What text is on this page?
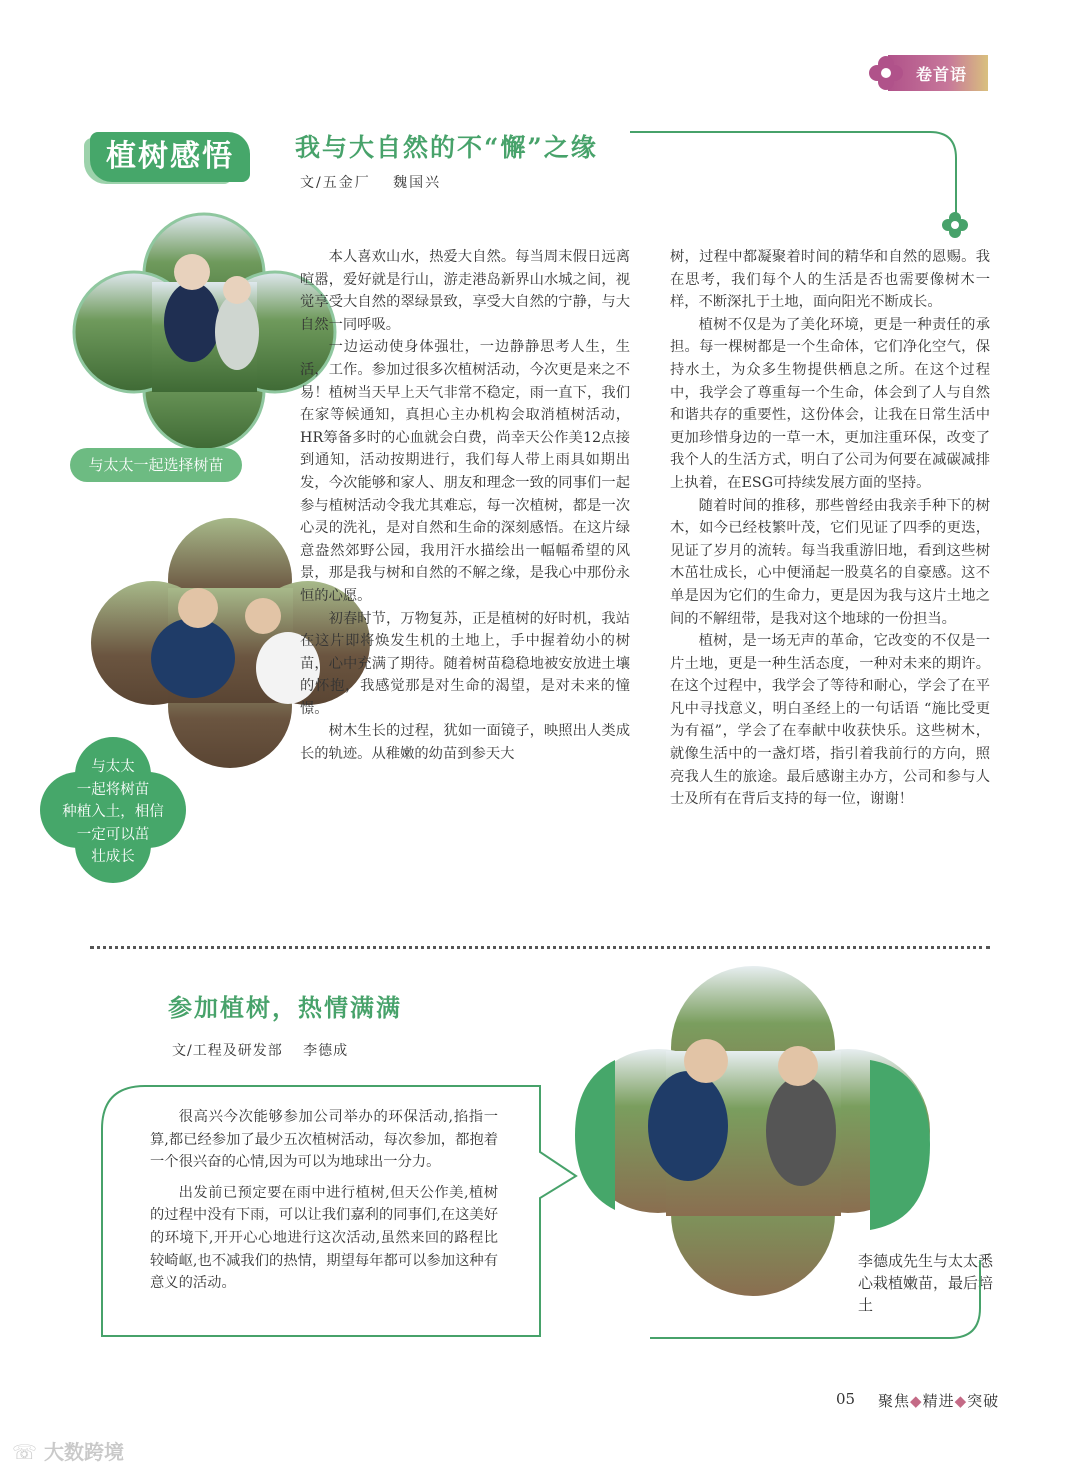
卷首语
植树感悟	我与大自然的不“懈”之缘
文/五金厂　 魏国兴
与太太一起选择树苗
与太太
一起将树苗
种植入土，相信
一定可以茁
壮成长

本人喜欢山水，热爱大自然。每当周末假日远离喧嚣，爱好就是行山，游走港岛新界山水城之间，视觉享受大自然的翠绿景致，享受大自然的宁静，与大自然一同呼吸。

一边运动使身体强壮，一边静静思考人生，生活，工作。参加过很多次植树活动，今次更是来之不易！植树当天早上天气非常不稳定，雨一直下，我们在家等候通知，真担心主办机构会取消植树活动，HR筹备多时的心血就会白费，尚幸天公作美12点接到通知，活动按期进行，我们每人带上雨具如期出发，今次能够和家人、朋友和理念一致的同事们一起参与植树活动令我尤其难忘，每一次植树，都是一次心灵的洗礼，是对自然和生命的深刻感悟。在这片绿意盎然郊野公园，我用汗水描绘出一幅幅希望的风景，那是我与树和自然的不解之缘，是我心中那份永恒的心愿。

初春时节，万物复苏，正是植树的好时机，我站在这片即将焕发生机的土地上，手中握着幼小的树苗，心中充满了期待。随着树苗稳稳地被安放进土壤的怀抱，我感觉那是对生命的渴望，是对未来的憧憬。

树木生长的过程，犹如一面镜子，映照出人类成长的轨迹。从稚嫩的幼苗到参天大

树，过程中都凝聚着时间的精华和自然的恩赐。我在思考，我们每个人的生活是否也需要像树木一样，不断深扎于土地，面向阳光不断成长。

植树不仅是为了美化环境，更是一种责任的承担。每一棵树都是一个生命体，它们净化空气，保持水土，为众多生物提供栖息之所。在这个过程中，我学会了尊重每一个生命，体会到了人与自然和谐共存的重要性，这份体会，让我在日常生活中更加珍惜身边的一草一木，更加注重环保，改变了我个人的生活方式，明白了公司为何要在减碳减排上执着，在ESG可持续发展方面的坚持。

随着时间的推移，那些曾经由我亲手种下的树木，如今已经枝繁叶茂，它们见证了四季的更迭，见证了岁月的流转。每当我重游旧地，看到这些树木茁壮成长，心中便涌起一股莫名的自豪感。这不单是因为它们的生命力，更是因为我与这片土地之间的不解纽带，是我对这个地球的一份担当。

植树，是一场无声的革命，它改变的不仅是一片土地，更是一种生活态度，一种对未来的期许。在这个过程中，我学会了等待和耐心，学会了在平凡中寻找意义，明白圣经上的一句话语 “施比受更为有福”，学会了在奉献中收获快乐。这些树木，就像生活中的一盏灯塔，指引着我前行的方向，照亮我人生的旅途。最后感谢主办方，公司和参与人士及所有在背后支持的每一位，谢谢！

参加植树，热情满满
文/工程及研发部　 李德成

很高兴今次能够参加公司举办的环保活动,掐指一算,都已经参加了最少五次植树活动，每次参加，都抱着一个很兴奋的心情,因为可以为地球出一分力。

出发前已预定要在雨中进行植树,但天公作美,植树的过程中没有下雨，可以让我们嘉利的同事们,在这美好的环境下,开开心心地进行这次活动,虽然来回的路程比较崎岖,也不减我们的热情，期望每年都可以参加这种有意义的活动。

李德成先生与太太悉心栽植嫩苗，最后培土
05 聚焦◆精进◆突破
☏ 大数跨境
